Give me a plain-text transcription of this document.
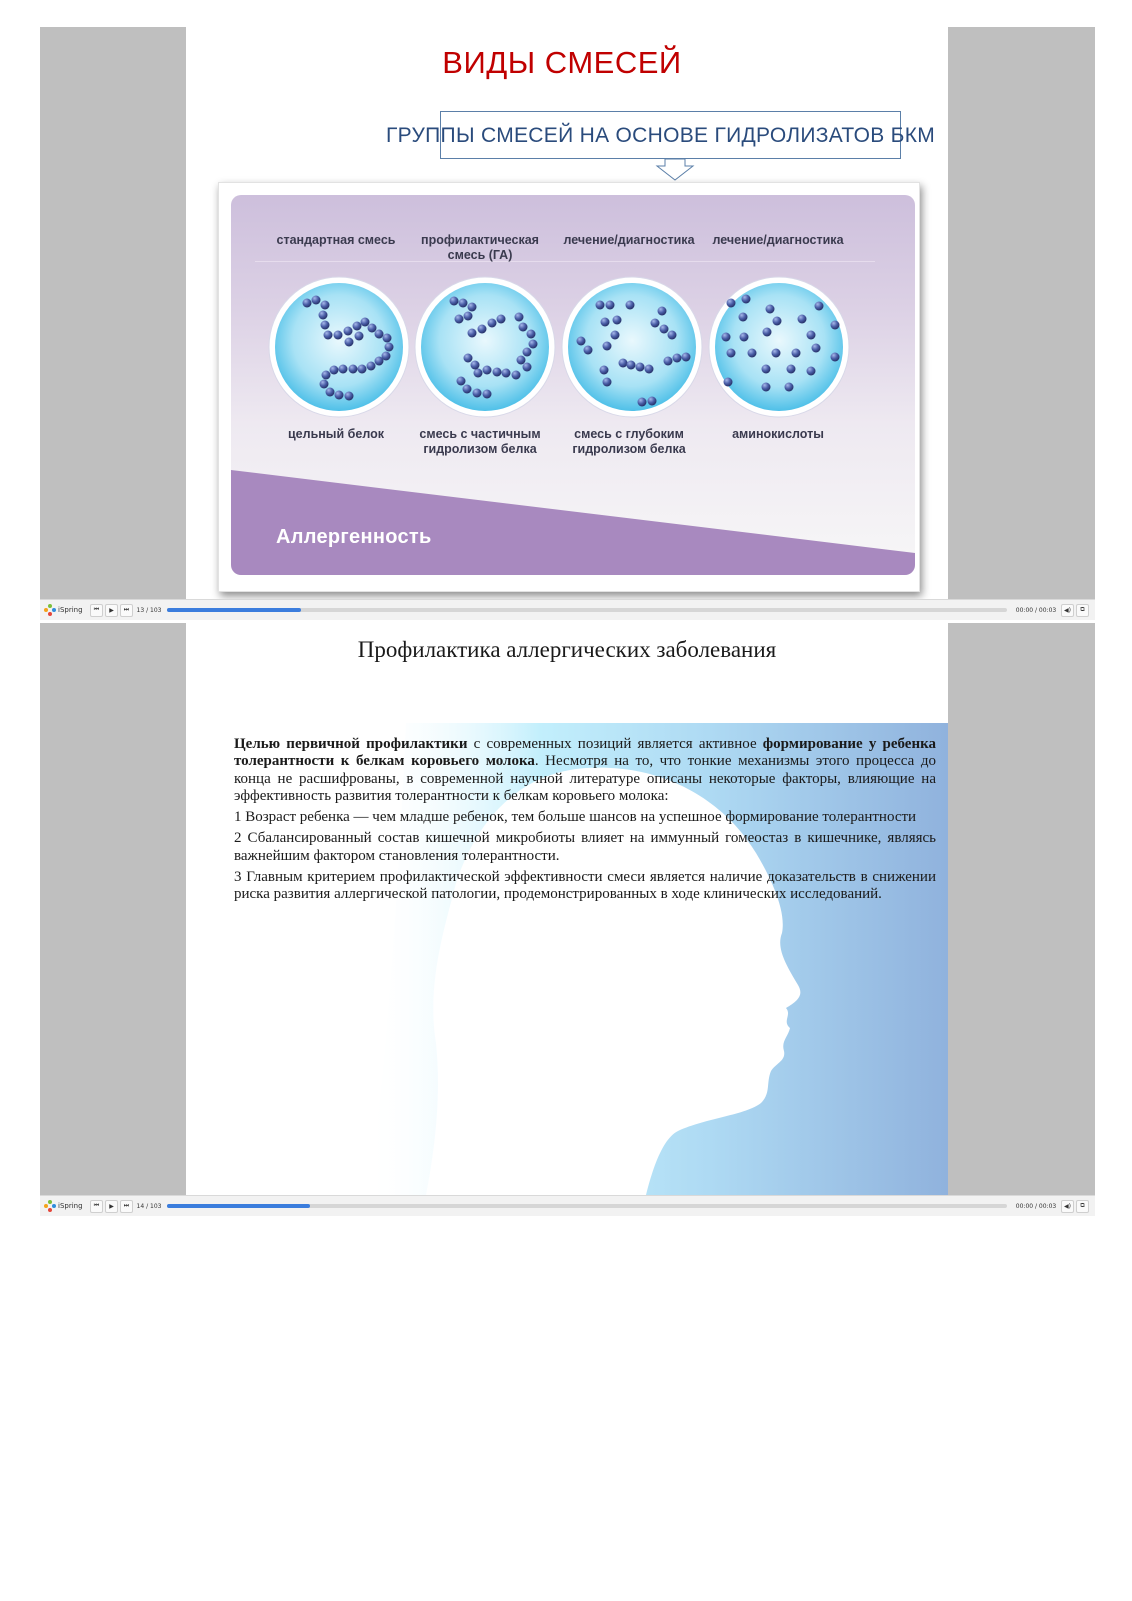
ВИДЫ СМЕСЕЙ
ГРУППЫ СМЕСЕЙ НА ОСНОВЕ ГИДРОЛИЗАТОВ БКМ
стандартная смесь	профилактическая смесь (ГА)
лечение/диагностика	лечение/диагностика
цельный белок	смесь с частичным гидролизом белка
смесь с глубоким гидролизом белка
аминокислоты
Аллергенность
iSpring	⏮	▶	⏭	13 / 103	00:00 / 00:03	◀)	⧉
Профилактика аллергических заболевания

Целью первичной профилактики с современных позиций является активное формирование у ребенка толерантности к белкам коровьего молока. Несмотря на то, что тонкие механизмы этого процесса до конца не расшифрованы, в современной научной литературе описаны некоторые факторы, влияющие на эффективность развития толерантности к белкам коровьего молока:

1 Возраст ребенка — чем младше ребенок, тем больше шансов на успешное формирование толерантности

2 Сбалансированный состав кишечной микробиоты влияет на иммунный гомеостаз в кишечнике, являясь важнейшим фактором становления толерантности.

3 Главным критерием профилактической эффективности смеси является наличие доказательств в снижении риска развития аллергической патологии, продемонстрированных в ходе клинических исследований.

iSpring	⏮	▶	⏭	14 / 103	00:00 / 00:03	◀)	⧉
